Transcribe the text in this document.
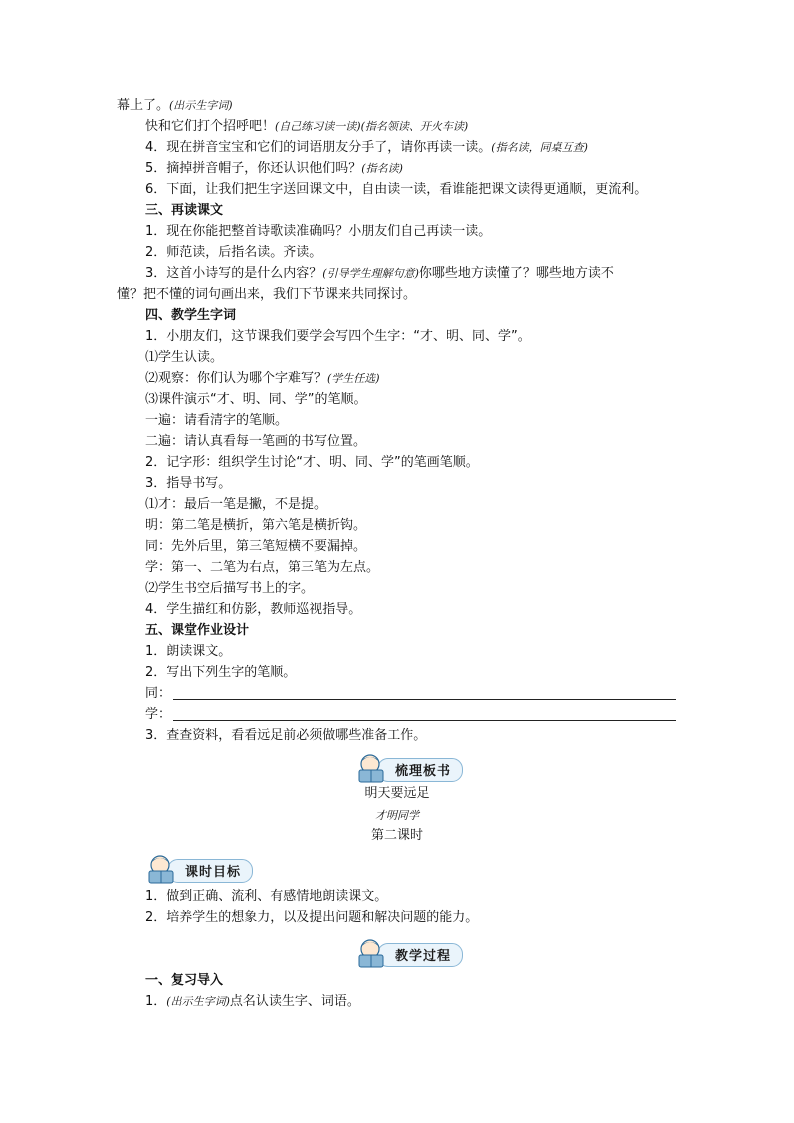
幕上了。(出示生字词)
快和它们打个招呼吧！(自己练习读一读)(指名领读、开火车读)
4．现在拼音宝宝和它们的词语朋友分手了，请你再读一读。(指名读，同桌互查)
5．摘掉拼音帽子，你还认识他们吗？(指名读)
6．下面，让我们把生字送回课文中，自由读一读，看谁能把课文读得更通顺，更流利。
三、再读课文
1．现在你能把整首诗歌读准确吗？小朋友们自己再读一读。
2．师范读，后指名读。齐读。
3．这首小诗写的是什么内容？(引导学生理解句意)你哪些地方读懂了？哪些地方读不
懂？把不懂的词句画出来，我们下节课来共同探讨。
四、教学生字词
1．小朋友们，这节课我们要学会写四个生字：“才、明、同、学”。
⑴学生认读。
⑵观察：你们认为哪个字难写？(学生任选)
⑶课件演示“才、明、同、学”的笔顺。
一遍：请看清字的笔顺。
二遍：请认真看每一笔画的书写位置。
2．记字形：组织学生讨论“才、明、同、学”的笔画笔顺。
3．指导书写。
⑴才：最后一笔是撇，不是提。
明：第二笔是横折，第六笔是横折钩。
同：先外后里，第三笔短横不要漏掉。
学：第一、二笔为右点，第三笔为左点。
⑵学生书空后描写书上的字。
4．学生描红和仿影，教师巡视指导。
五、课堂作业设计
1．朗读课文。
2．写出下列生字的笔顺。
同：
学：
3．查查资料，看看远足前必须做哪些准备工作。
梳理板书
明天要远足
才明同学
第二课时
课时目标
1．做到正确、流利、有感情地朗读课文。
2．培养学生的想象力，以及提出问题和解决问题的能力。
教学过程
一、复习导入
1．(出示生字词)点名认读生字、词语。
